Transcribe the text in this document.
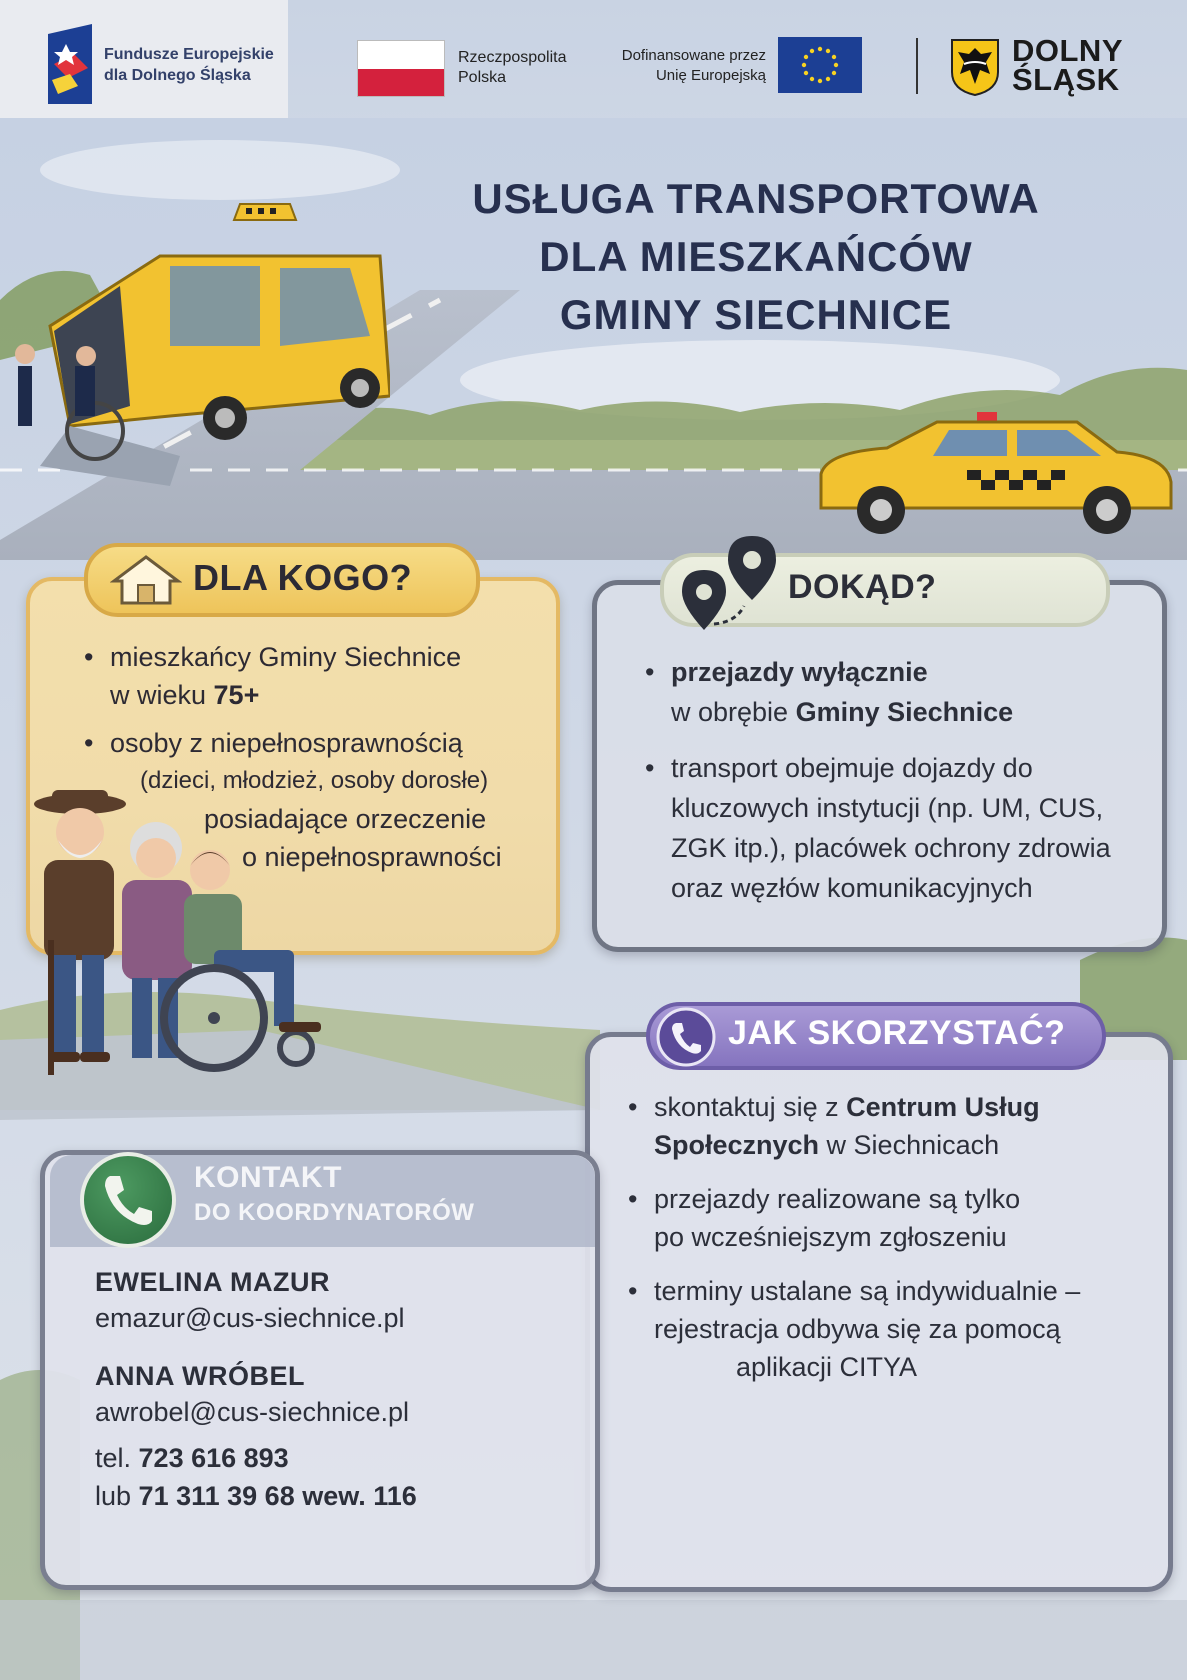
Fundusze Europejskie
dla Dolnego Śląska
Rzeczpospolita
Polska
Dofinansowane przez
Unię Europejską
DOLNY
ŚLĄSK
USŁUGA TRANSPORTOWA
DLA MIESZKAŃCÓW
GMINY SIECHNICE
DLA KOGO?
• mieszkańcy Gminy Siechnice
w wieku 75+
• osoby z niepełnosprawnością
(dzieci, młodzież, osoby dorosłe)
posiadające orzeczenie
o niepełnosprawności
DOKĄD?
• przejazdy wyłącznie
w obrębie Gminy Siechnice
• transport obejmuje dojazdy do
kluczowych instytucji (np. UM, CUS,
ZGK itp.), placówek ochrony zdrowia
oraz węzłów komunikacyjnych
JAK SKORZYSTAĆ?
• skontaktuj się z Centrum Usług
Społecznych w Siechnicach
• przejazdy realizowane są tylko
po wcześniejszym zgłoszeniu
• terminy ustalane są indywidualnie –
rejestracja odbywa się za pomocą
aplikacji CITYA
KONTAKT
DO KOORDYNATORÓW
EWELINA MAZUR
emazur@cus-siechnice.pl
ANNA WRÓBEL
awrobel@cus-siechnice.pl
tel. 723 616 893
lub 71 311 39 68 wew. 116
